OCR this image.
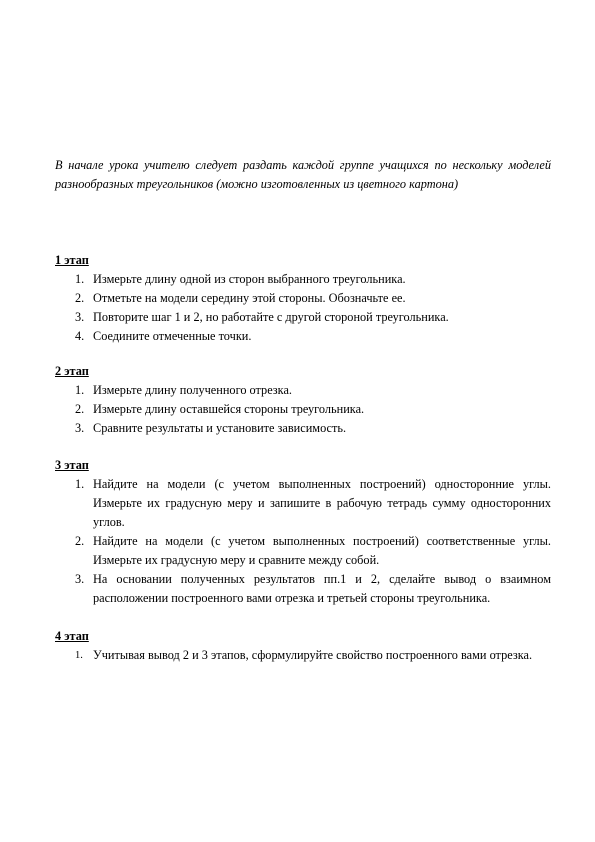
В начале урока учителю следует раздать каждой группе учащихся по нескольку моделей разнообразных треугольников (можно изготовленных из цветного картона)

1 этап

1. Измерьте длину одной из сторон выбранного треугольника.
2. Отметьте на модели середину этой стороны. Обозначьте ее.
3. Повторите шаг 1 и 2, но работайте с другой стороной треугольника.
4. Соедините отмеченные точки.

2 этап

1. Измерьте длину полученного отрезка.
2. Измерьте длину оставшейся стороны треугольника.
3. Сравните результаты и установите зависимость.

3 этап

1. Найдите на модели (с учетом выполненных построений) односторонние углы. Измерьте их градусную меру и запишите в рабочую тетрадь сумму односторонних углов.
2. Найдите на модели (с учетом выполненных построений) соответственные углы. Измерьте их градусную меру и сравните между собой.
3. На основании полученных результатов пп.1 и 2, сделайте вывод о взаимном расположении построенного вами отрезка и третьей стороны треугольника.

4 этап

1. Учитывая вывод 2 и 3 этапов, сформулируйте свойство построенного вами отрезка.
